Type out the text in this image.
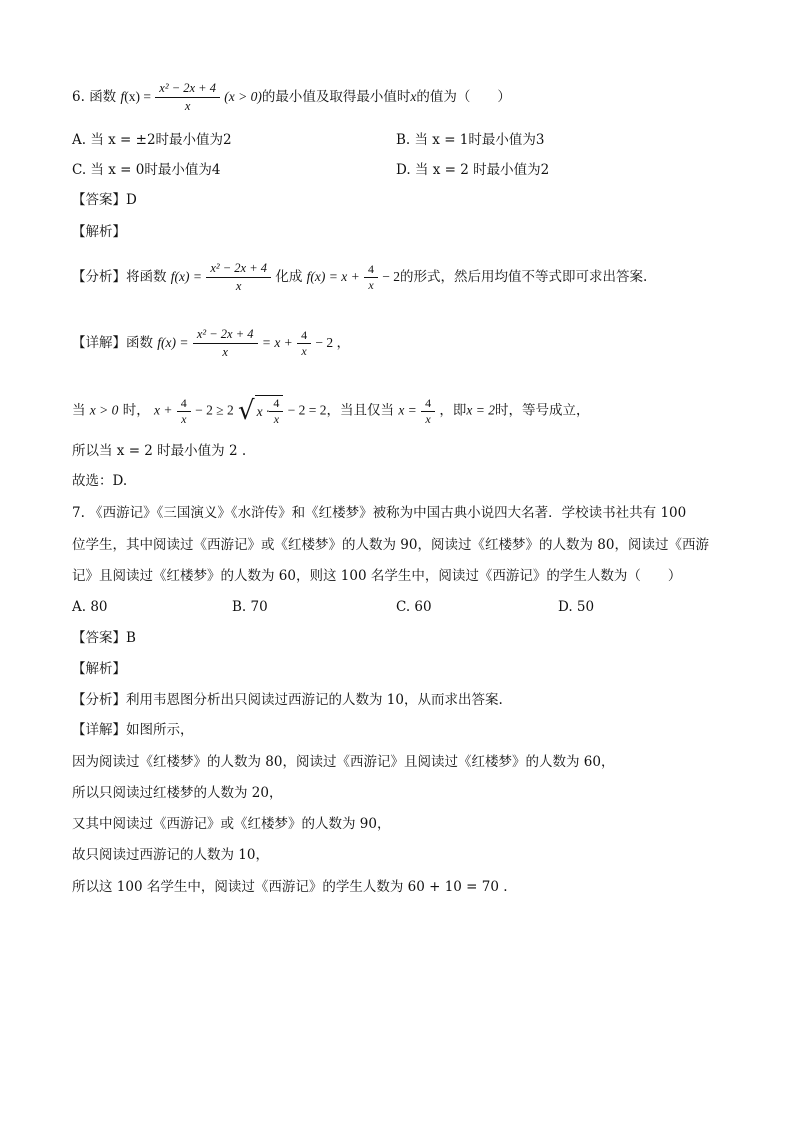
6. 函数 $f(x) = \frac{\text{x² − 2x + 4}}{x} (x > 0)$的最小值及取得最小值时x的值为（　　）
A. 当 x = ±2时最小值为2	B. 当 x = 1时最小值为3
C. 当 x = 0时最小值为4	D. 当 x = 2 时最小值为2
【答案】D
【解析】
【分析】将函数 $f(x) = \frac{\text{x² − 2x + 4}}{x}$ 化成 $f(x) = x + \frac{4}{x} - 2$的形式，然后用均值不等式即可求出答案.
【详解】函数 $f(x) = \frac{\text{x² − 2x + 4}}{x} = x + \frac{4}{x} - 2$ ，
当 x > 0 时， $x + \frac{4}{x} - 2 \ge 2$ √ $x \cdot \frac{4}{x} - 2 = 2$，当且仅当 $x = \frac{4}{x}$ ，即x = 2时，等号成立，
所以当 x = 2 时最小值为 2 .
故选：D.
7. 《西游记》《三国演义》《水浒传》和《红楼梦》被称为中国古典小说四大名著．学校读书社共有 100
位学生，其中阅读过《西游记》或《红楼梦》的人数为 90，阅读过《红楼梦》的人数为 80，阅读过《西游
记》且阅读过《红楼梦》的人数为 60，则这 100 名学生中，阅读过《西游记》的学生人数为（　　）
A. 80	B. 70	C. 60	D. 50
【答案】B
【解析】
【分析】利用韦恩图分析出只阅读过西游记的人数为 10，从而求出答案.
【详解】如图所示，
因为阅读过《红楼梦》的人数为 80，阅读过《西游记》且阅读过《红楼梦》的人数为 60，
所以只阅读过红楼梦的人数为 20，
又其中阅读过《西游记》或《红楼梦》的人数为 90，
故只阅读过西游记的人数为 10，
所以这 100 名学生中，阅读过《西游记》的学生人数为 60 + 10 = 70 .
